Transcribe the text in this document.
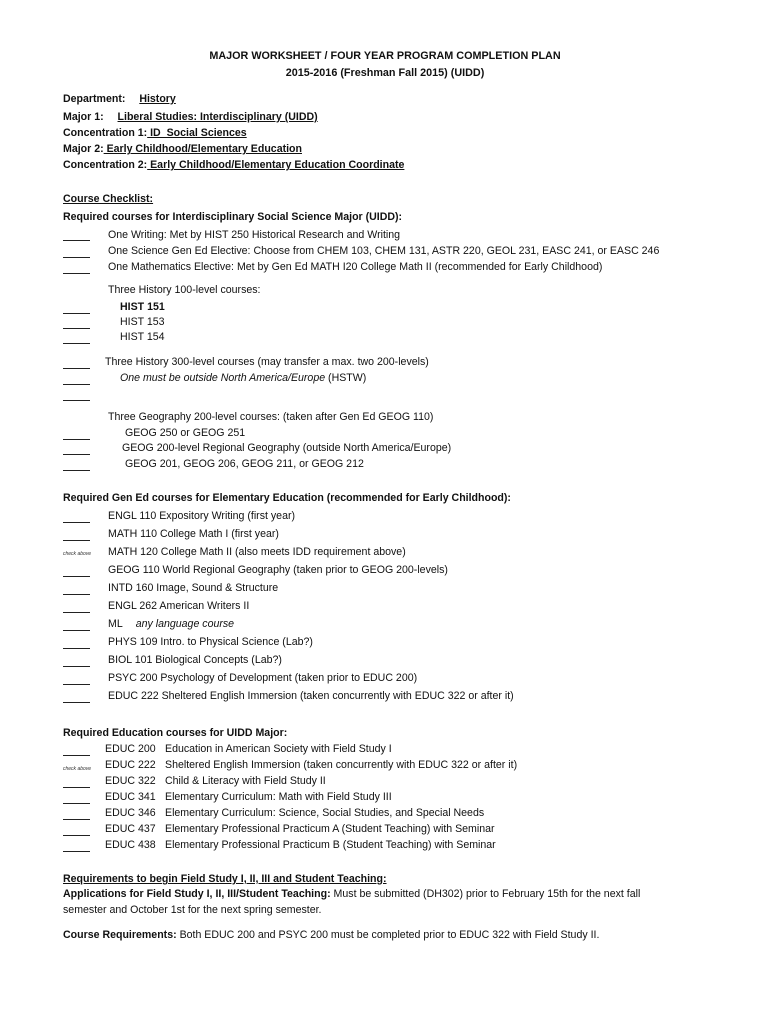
MAJOR WORKSHEET / FOUR YEAR PROGRAM COMPLETION PLAN
2015-2016 (Freshman Fall 2015) (UIDD)
Department: History
Major 1: Liberal Studies: Interdisciplinary (UIDD)
Concentration 1: ID_Social Sciences
Major 2: Early Childhood/Elementary Education
Concentration 2: Early Childhood/Elementary Education Coordinate
Course Checklist:
Required courses for Interdisciplinary Social Science Major (UIDD):
One Writing: Met by HIST 250 Historical Research and Writing
One Science Gen Ed Elective: Choose from CHEM 103, CHEM 131, ASTR 220, GEOL 231, EASC 241, or EASC 246
One Mathematics Elective: Met by Gen Ed MATH I20 College Math II (recommended for Early Childhood)
Three History 100-level courses:
HIST 151
HIST 153
HIST 154
Three History 300-level courses (may transfer a max. two 200-levels)
One must be outside North America/Europe (HSTW)
Three Geography 200-level courses: (taken after Gen Ed GEOG 110)
GEOG 250 or GEOG 251
GEOG 200-level Regional Geography (outside North America/Europe)
GEOG 201, GEOG 206, GEOG 211, or GEOG 212
Required Gen Ed courses for Elementary Education (recommended for Early Childhood):
ENGL 110 Expository Writing (first year)
MATH 110 College Math I (first year)
check above MATH 120 College Math II (also meets IDD requirement above)
GEOG 110 World Regional Geography (taken prior to GEOG 200-levels)
INTD 160 Image, Sound & Structure
ENGL 262 American Writers II
ML any language course
PHYS 109 Intro. to Physical Science (Lab?)
BIOL 101 Biological Concepts (Lab?)
PSYC 200 Psychology of Development (taken prior to EDUC 200)
EDUC 222 Sheltered English Immersion (taken concurrently with EDUC 322 or after it)
Required Education courses for UIDD Major:
EDUC 200 Education in American Society with Field Study I
check above EDUC 222 Sheltered English Immersion (taken concurrently with EDUC 322 or after it)
EDUC 322 Child & Literacy with Field Study II
EDUC 341 Elementary Curriculum: Math with Field Study III
EDUC 346 Elementary Curriculum: Science, Social Studies, and Special Needs
EDUC 437 Elementary Professional Practicum A (Student Teaching) with Seminar
EDUC 438 Elementary Professional Practicum B (Student Teaching) with Seminar
Requirements to begin Field Study I, II, III and Student Teaching:
Applications for Field Study I, II, III/Student Teaching: Must be submitted (DH302) prior to February 15th for the next fall
semester and October 1st for the next spring semester.
Course Requirements: Both EDUC 200 and PSYC 200 must be completed prior to EDUC 322 with Field Study II.
